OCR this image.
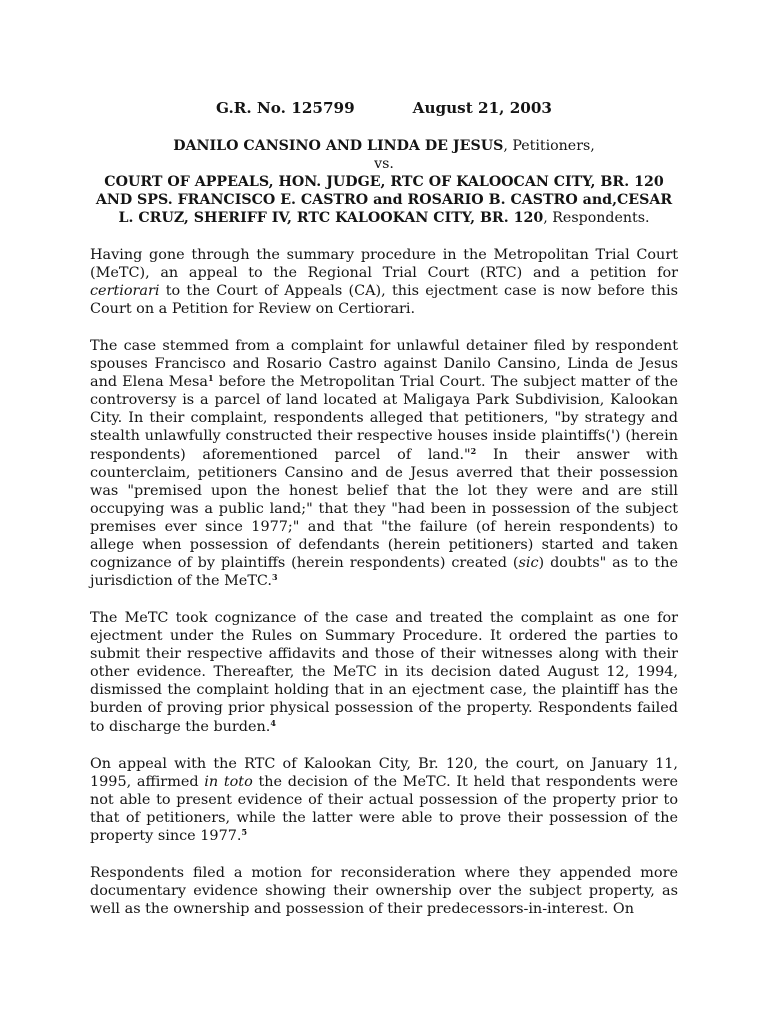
G.R. No. 125799	August 21, 2003
DANILO CANSINO AND LINDA DE JESUS, Petitioners,
vs.
COURT OF APPEALS, HON. JUDGE, RTC OF KALOOCAN CITY, BR. 120 AND SPS. FRANCISCO E. CASTRO and ROSARIO B. CASTRO and,CESAR L. CRUZ, SHERIFF IV, RTC KALOOKAN CITY, BR. 120, Respondents.

Having gone through the summary procedure in the Metropolitan Trial Court (MeTC), an appeal to the Regional Trial Court (RTC) and a petition for certiorari to the Court of Appeals (CA), this ejectment case is now before this Court on a Petition for Review on Certiorari.

The case stemmed from a complaint for unlawful detainer filed by respondent spouses Francisco and Rosario Castro against Danilo Cansino, Linda de Jesus and Elena Mesa$^1$ before the Metropolitan Trial Court. The subject matter of the controversy is a parcel of land located at Maligaya Park Subdivision, Kalookan City. In their complaint, respondents alleged that petitioners, "by strategy and stealth unlawfully constructed their respective houses inside plaintiffs(') (herein respondents) aforementioned parcel of land."$^2$ In their answer with counterclaim, petitioners Cansino and de Jesus averred that their possession was "premised upon the honest belief that the lot they were and are still occupying was a public land;" that they "had been in possession of the subject premises ever since 1977;" and that "the failure (of herein respondents) to allege when possession of defendants (herein petitioners) started and taken cognizance of by plaintiffs (herein respondents) created (sic) doubts" as to the jurisdiction of the MeTC.$^3$

The MeTC took cognizance of the case and treated the complaint as one for ejectment under the Rules on Summary Procedure. It ordered the parties to submit their respective affidavits and those of their witnesses along with their other evidence. Thereafter, the MeTC in its decision dated August 12, 1994, dismissed the complaint holding that in an ejectment case, the plaintiff has the burden of proving prior physical possession of the property. Respondents failed to discharge the burden.$^4$

On appeal with the RTC of Kalookan City, Br. 120, the court, on January 11, 1995, affirmed in toto the decision of the MeTC. It held that respondents were not able to present evidence of their actual possession of the property prior to that of petitioners, while the latter were able to prove their possession of the property since 1977.$^5$

Respondents filed a motion for reconsideration where they appended more documentary evidence showing their ownership over the subject property, as well as the ownership and possession of their predecessors-in-interest. On
